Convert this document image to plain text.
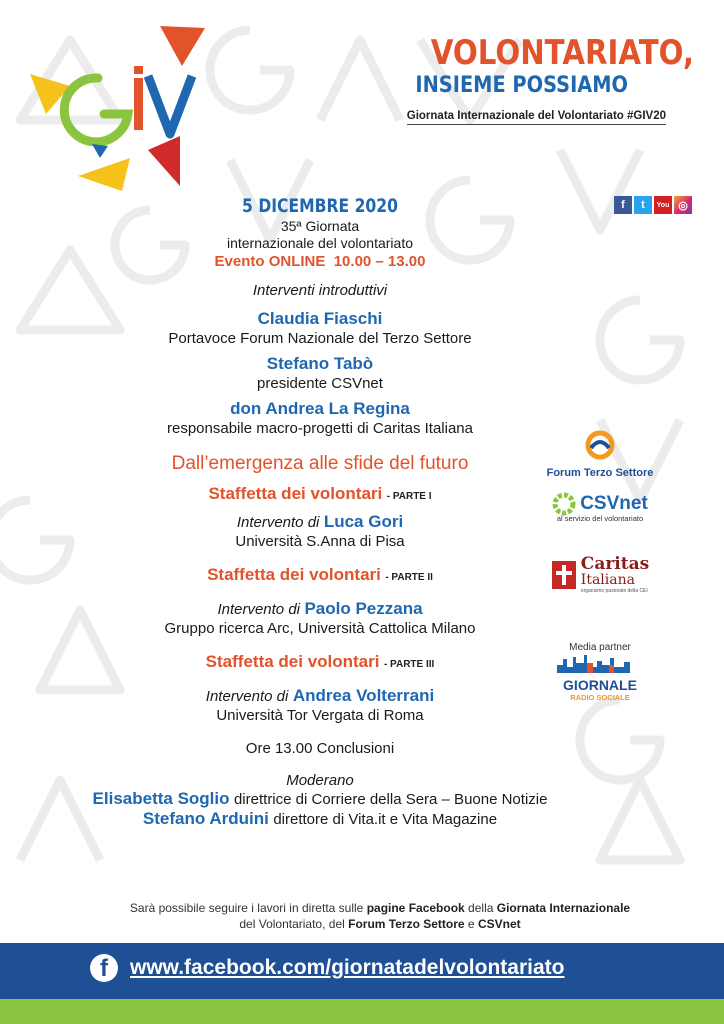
VOLONTARIATO,
INSIEME POSSIAMO
Giornata Internazionale del Volontariato #GIV20
f	t	You ◎
5 DICEMBRE 2020
35ª Giornata
internazionale del volontariato
Evento ONLINE  10.00 – 13.00
Interventi introduttivi
Claudia Fiaschi
Portavoce Forum Nazionale del Terzo Settore
Stefano Tabò
presidente CSVnet
don Andrea La Regina
responsabile macro-progetti di Caritas Italiana
Dall’emergenza alle sfide del futuro
Staffetta dei volontari - PARTE I
Intervento di Luca Gori
Università S.Anna di Pisa
Staffetta dei volontari - PARTE II
Intervento di Paolo Pezzana
Gruppo ricerca Arc, Università Cattolica Milano
Staffetta dei volontari - PARTE III
Intervento di Andrea Volterrani
Università Tor Vergata di Roma
Ore 13.00 Conclusioni
Moderano
Elisabetta Soglio direttrice di Corriere della Sera – Buone Notizie
Stefano Arduini direttore di Vita.it e Vita Magazine
Forum Terzo Settore
CSVnet
al servizio del volontariato
Caritas
Italiana
organismo pastorale della CEI
Media partner
GIORNALE
RADIO SOCIALE
Sarà possibile seguire i lavori in diretta sulle pagine Facebook della Giornata Internazionale
del Volontariato, del Forum Terzo Settore e CSVnet
f	www.facebook.com/giornatadelvolontariato
